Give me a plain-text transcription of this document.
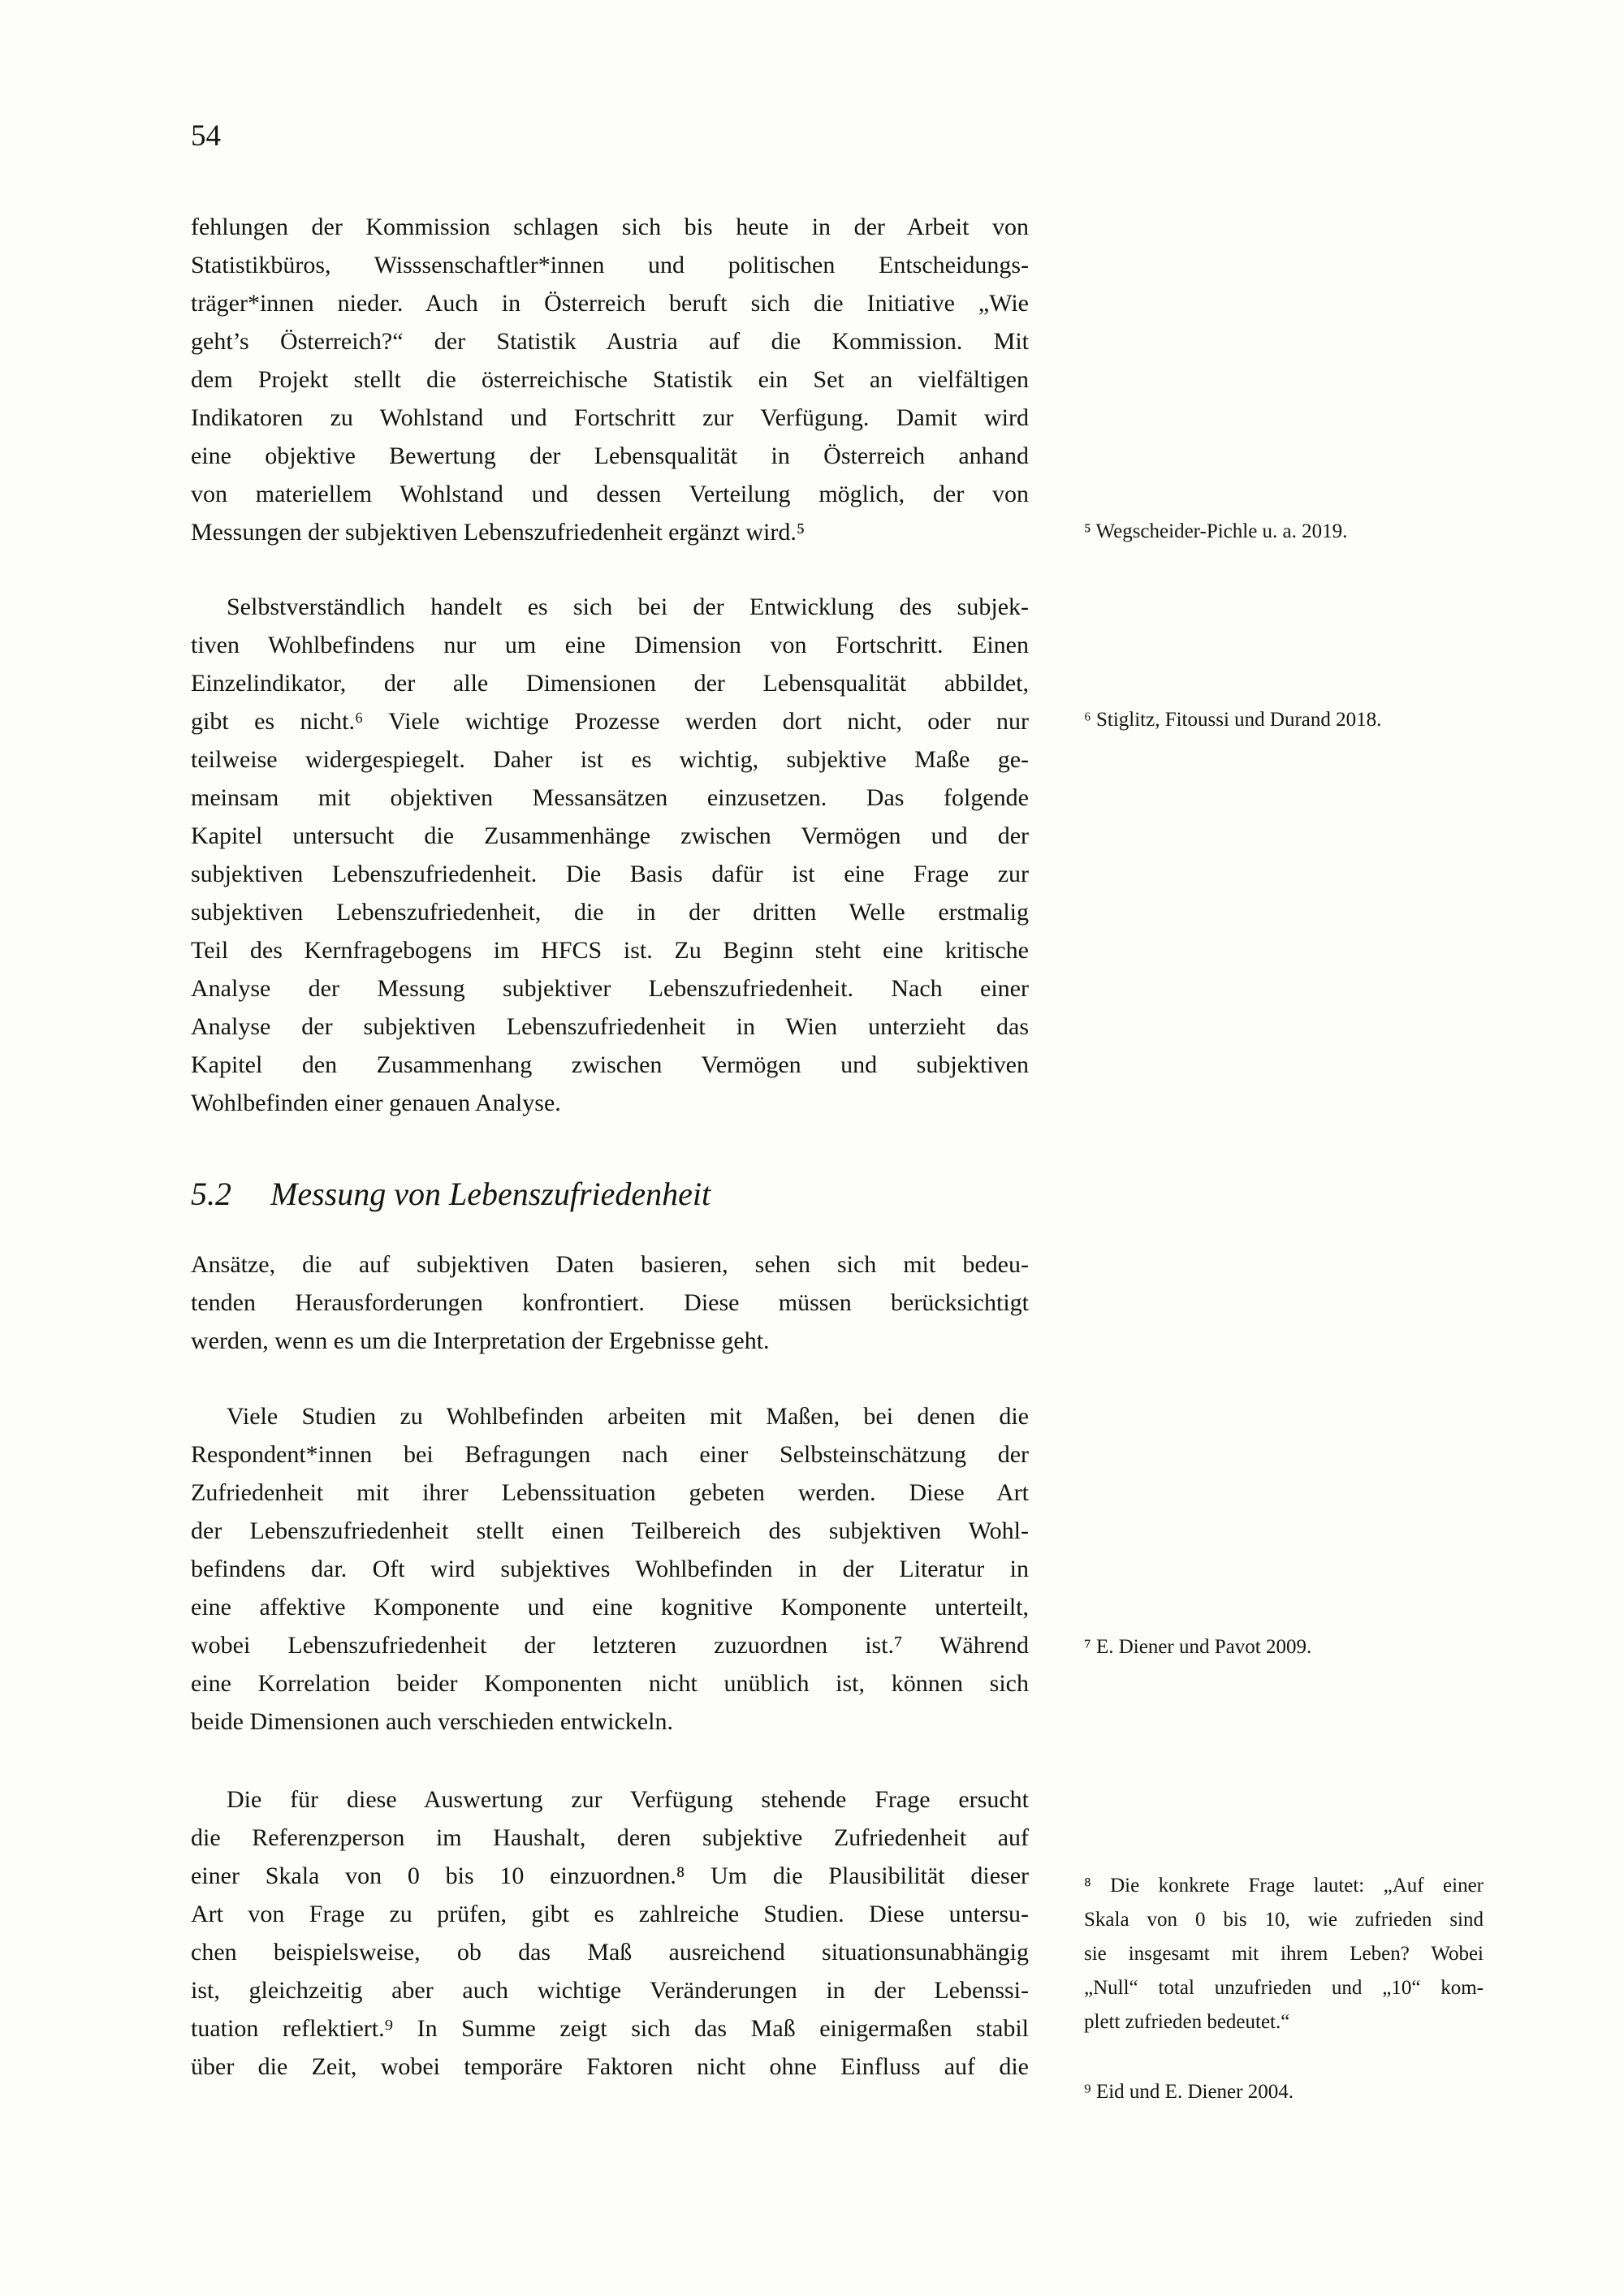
54
fehlungen der Kommission schlagen sich bis heute in der Arbeit von
Statistikbüros, Wisssenschaftler*innen und politischen Entscheidungs-
träger*innen nieder. Auch in Österreich beruft sich die Initiative „Wie
geht’s Österreich?“ der Statistik Austria auf die Kommission. Mit
dem Projekt stellt die österreichische Statistik ein Set an vielfältigen
Indikatoren zu Wohlstand und Fortschritt zur Verfügung. Damit wird
eine objektive Bewertung der Lebensqualität in Österreich anhand
von materiellem Wohlstand und dessen Verteilung möglich, der von
Messungen der subjektiven Lebenszufriedenheit ergänzt wird.⁵
Selbstverständlich handelt es sich bei der Entwicklung des subjek-
tiven Wohlbefindens nur um eine Dimension von Fortschritt. Einen
Einzelindikator, der alle Dimensionen der Lebensqualität abbildet,
gibt es nicht.⁶ Viele wichtige Prozesse werden dort nicht, oder nur
teilweise widergespiegelt. Daher ist es wichtig, subjektive Maße ge-
meinsam mit objektiven Messansätzen einzusetzen. Das folgende
Kapitel untersucht die Zusammenhänge zwischen Vermögen und der
subjektiven Lebenszufriedenheit. Die Basis dafür ist eine Frage zur
subjektiven Lebenszufriedenheit, die in der dritten Welle erstmalig
Teil des Kernfragebogens im HFCS ist. Zu Beginn steht eine kritische
Analyse der Messung subjektiver Lebenszufriedenheit. Nach einer
Analyse der subjektiven Lebenszufriedenheit in Wien unterzieht das
Kapitel den Zusammenhang zwischen Vermögen und subjektiven
Wohlbefinden einer genauen Analyse.
5.2 Messung von Lebenszufriedenheit
Ansätze, die auf subjektiven Daten basieren, sehen sich mit bedeu-
tenden Herausforderungen konfrontiert. Diese müssen berücksichtigt
werden, wenn es um die Interpretation der Ergebnisse geht.
Viele Studien zu Wohlbefinden arbeiten mit Maßen, bei denen die
Respondent*innen bei Befragungen nach einer Selbsteinschätzung der
Zufriedenheit mit ihrer Lebenssituation gebeten werden. Diese Art
der Lebenszufriedenheit stellt einen Teilbereich des subjektiven Wohl-
befindens dar. Oft wird subjektives Wohlbefinden in der Literatur in
eine affektive Komponente und eine kognitive Komponente unterteilt,
wobei Lebenszufriedenheit der letzteren zuzuordnen ist.⁷ Während
eine Korrelation beider Komponenten nicht unüblich ist, können sich
beide Dimensionen auch verschieden entwickeln.
Die für diese Auswertung zur Verfügung stehende Frage ersucht
die Referenzperson im Haushalt, deren subjektive Zufriedenheit auf
einer Skala von 0 bis 10 einzuordnen.⁸ Um die Plausibilität dieser
Art von Frage zu prüfen, gibt es zahlreiche Studien. Diese untersu-
chen beispielsweise, ob das Maß ausreichend situationsunabhängig
ist, gleichzeitig aber auch wichtige Veränderungen in der Lebenssi-
tuation reflektiert.⁹ In Summe zeigt sich das Maß einigermaßen stabil
über die Zeit, wobei temporäre Faktoren nicht ohne Einfluss auf die
⁵ Wegscheider-Pichle u. a. 2019.
⁶ Stiglitz, Fitoussi und Durand 2018.
⁷ E. Diener und Pavot 2009.
⁸ Die konkrete Frage lautet: „Auf einer
Skala von 0 bis 10, wie zufrieden sind
sie insgesamt mit ihrem Leben? Wobei
„Null“ total unzufrieden und „10“ kom-
plett zufrieden bedeutet.“
⁹ Eid und E. Diener 2004.
